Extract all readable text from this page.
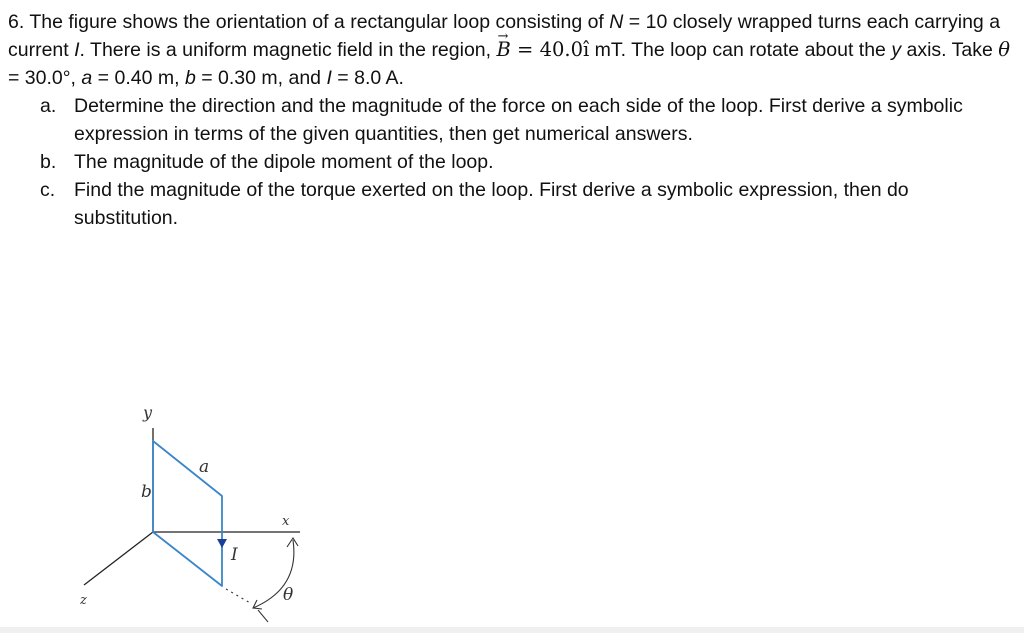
6. The figure shows the orientation of a rectangular loop consisting of N = 10 closely wrapped turns each carrying a current I. There is a uniform magnetic field in the region, → B = 40.0î mT. The loop can rotate about the y axis. Take θ = 30.0°, a = 0.40 m, b = 0.30 m, and I = 8.0 A.

a. Determine the direction and the magnitude of the force on each side of the loop. First derive a symbolic expression in terms of the given quantities, then get numerical answers.
b. The magnitude of the dipole moment of the loop.
c. Find the magnitude of the torque exerted on the loop. First derive a symbolic expression, then do substitution.
y
x
z
a
b
I
θ
